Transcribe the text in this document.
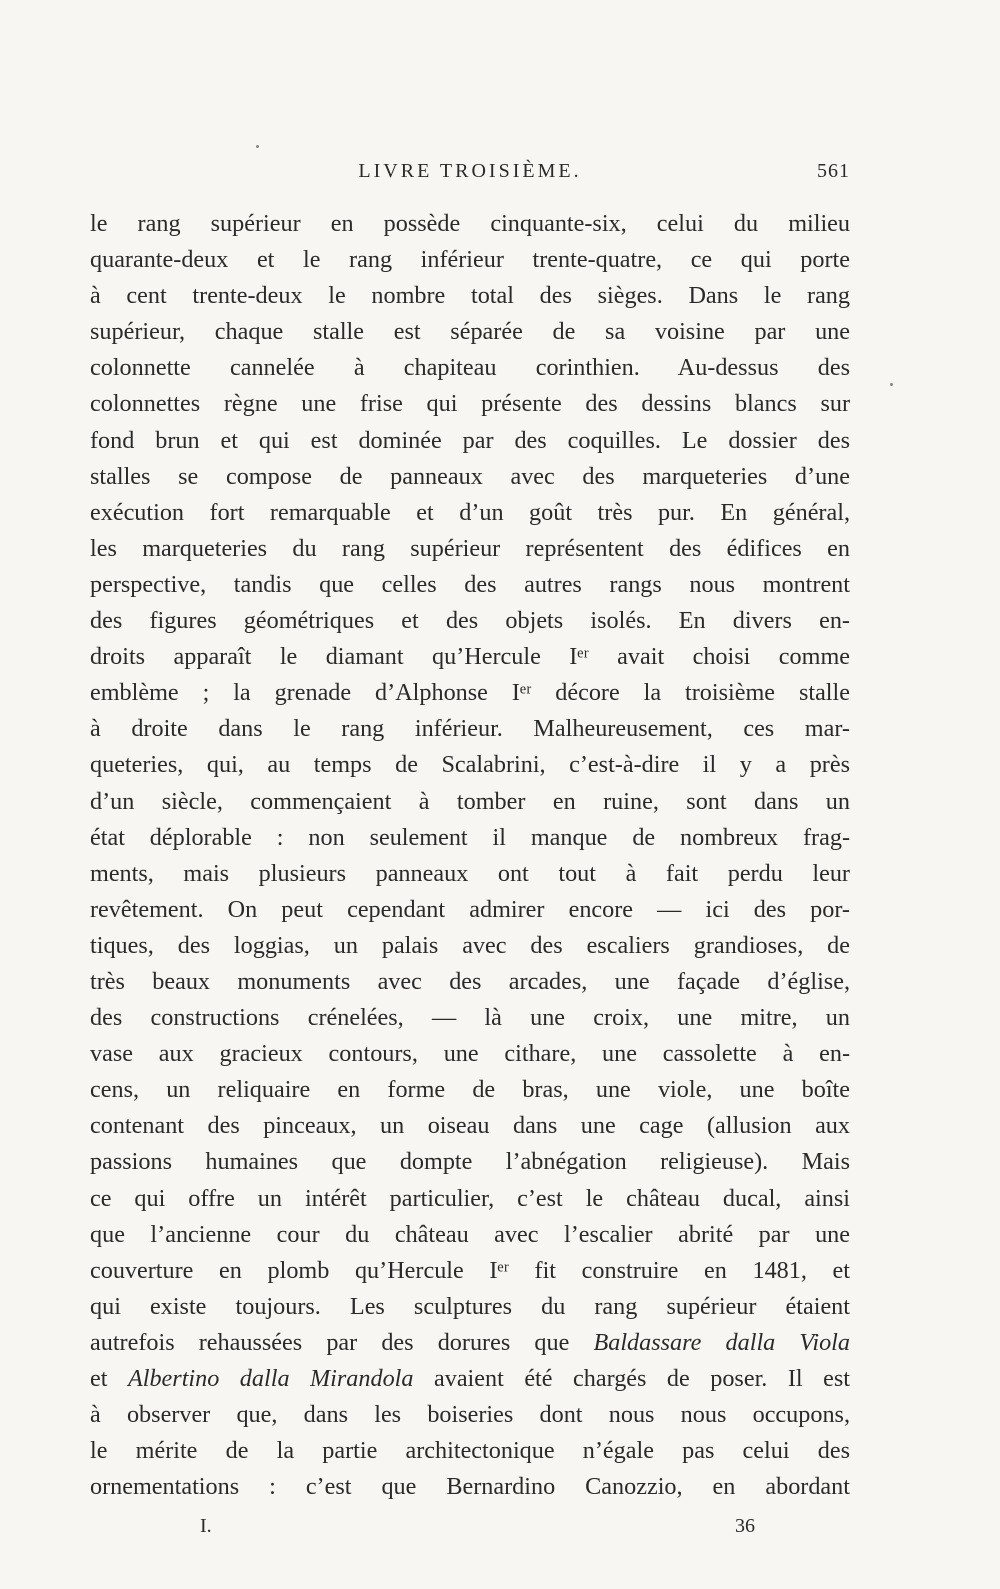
LIVRE TROISIÈME.	561
le rang supérieur en possède cinquante-six, celui du milieu
quarante-deux et le rang inférieur trente-quatre, ce qui porte
à cent trente-deux le nombre total des sièges. Dans le rang
supérieur, chaque stalle est séparée de sa voisine par une
colonnette cannelée à chapiteau corinthien. Au-dessus des
colonnettes règne une frise qui présente des dessins blancs sur
fond brun et qui est dominée par des coquilles. Le dossier des
stalles se compose de panneaux avec des marqueteries d’une
exécution fort remarquable et d’un goût très pur. En général,
les marqueteries du rang supérieur représentent des édifices en
perspective, tandis que celles des autres rangs nous montrent
des figures géométriques et des objets isolés. En divers en-
droits apparaît le diamant qu’Hercule Iᵉʳ avait choisi comme
emblème ; la grenade d’Alphonse Iᵉʳ décore la troisième stalle
à droite dans le rang inférieur. Malheureusement, ces mar-
queteries, qui, au temps de Scalabrini, c’est-à-dire il y a près
d’un siècle, commençaient à tomber en ruine, sont dans un
état déplorable : non seulement il manque de nombreux frag-
ments, mais plusieurs panneaux ont tout à fait perdu leur
revêtement. On peut cependant admirer encore — ici des por-
tiques, des loggias, un palais avec des escaliers grandioses, de
très beaux monuments avec des arcades, une façade d’église,
des constructions crénelées, — là une croix, une mitre, un
vase aux gracieux contours, une cithare, une cassolette à en-
cens, un reliquaire en forme de bras, une viole, une boîte
contenant des pinceaux, un oiseau dans une cage (allusion aux
passions humaines que dompte l’abnégation religieuse). Mais
ce qui offre un intérêt particulier, c’est le château ducal, ainsi
que l’ancienne cour du château avec l’escalier abrité par une
couverture en plomb qu’Hercule Iᵉʳ fit construire en 1481, et
qui existe toujours. Les sculptures du rang supérieur étaient
autrefois rehaussées par des dorures que Baldassare dalla Viola
et Albertino dalla Mirandola avaient été chargés de poser. Il est
à observer que, dans les boiseries dont nous nous occupons,
le mérite de la partie architectonique n’égale pas celui des
ornementations : c’est que Bernardino Canozzio, en abordant
I.	36
